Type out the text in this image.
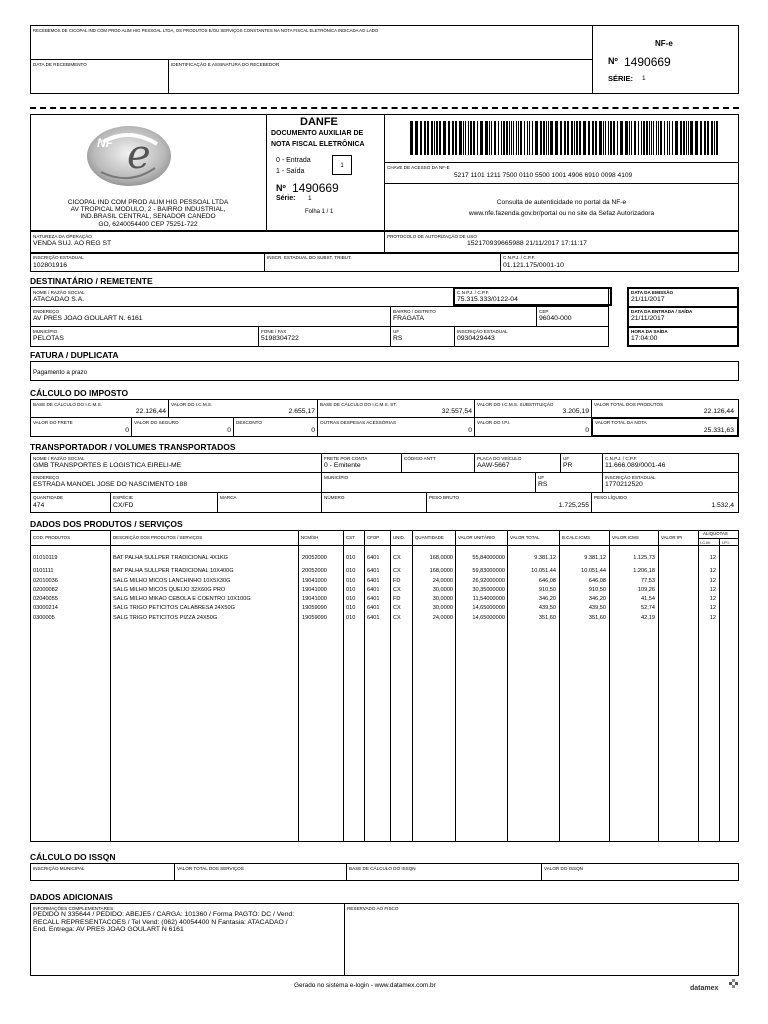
RECEBEMOS DE CICOPAL IND COM PROD ALIM HIG PESSOAL LTDA, OS PRODUTOS E/OU SERVIÇOS CONSTANTES NA NOTA FISCAL ELETRÔNICA INDICADA AO LADO
DATA DE RECEBIMENTO	IDENTIFICAÇÃO E ASSINATURA DO RECEBEDOR
NF-e
Nº 1490669
SÉRIE: 1
e
NF
CICOPAL IND COM PROD ALIM HIG PESSOAL LTDA
AV TROPICAL MODULO, 2 - BAIRRO INDUSTRIAL,
IND.BRASIL CENTRAL, SENADOR CANEDO
GO, 6240054400 CEP 75251-722
DANFE
DOCUMENTO AUXILIAR DE
NOTA FISCAL ELETRÔNICA
0 - Entrada
1 - Saída
1
Nº 1490669
Série: 1
Folha 1 / 1
CHAVE DE ACESSO DA NF-E
5217 1101 1211 7500 0110 5500 1001 4906 6910 0098 4109
Consulta de autenticidade no portal da NF-e
www.nfe.fazenda.gov.br/portal ou no site da Sefaz Autorizadora
NATUREZA DA OPERAÇÃO
VENDA SUJ. AO REG ST
PROTOCOLO DE AUTORIZAÇÃO DE USO
152170939665988 21/11/2017 17:11:17
INSCRIÇÃO ESTADUAL
102801916
INSCR. ESTADUAL DO SUBST. TRIBUT.	C.N.P.J. / C.P.F.
01.121.175/0001-10
DESTINATÁRIO / REMETENTE
NOME / RAZÃO SOCIAL
ATACADAO S.A.
C.N.P.J. / C.P.F.
75.315.333/0122-04
DATA DA EMISSÃO
21/11/2017
ENDEREÇO
AV PRES JOAO GOULART N. 6161
BAIRRO / DISTRITO
FRAGATA
CEP
96040-000
DATA DA ENTRADA / SAÍDA
21/11/2017
MUNICÍPIO
PELOTAS
FONE / FAX
5198304722
UF
RS
INSCRIÇÃO ESTADUAL
0930429443
HORA DA SAÍDA
17:04:00
FATURA / DUPLICATA
Pagamento a prazo
CÁLCULO DO IMPOSTO
BASE DE CÁLCULO DO I.C.M.S.
22.126,44
VALOR DO I.C.M.S.
2.655,17
BASE DE CÁLCULO DO I.C.M.S. ST.
32.557,54
VALOR DO I.C.M.S. SUBSTITUIÇÃO
3.205,19
VALOR TOTAL DOS PRODUTOS
22.126,44
VALOR DO FRETE
0
VALOR DO SEGURO
0
DESCONTO
0
OUTRAS DESPESAS ACESSÓRIAS
0
VALOR DO I.P.I.
0
VALOR TOTAL DA NOTA
25.331,63
TRANSPORTADOR / VOLUMES TRANSPORTADOS
NOME / RAZÃO SOCIAL
GMB TRANSPORTES E LOGISTICA EIRELI-ME
FRETE POR CONTA
0 - Emitente
CÓDIGO ANTT	PLACA DO VEÍCULO
AAW-5667
UF
PR
C.N.P.J. / C.P.F.
11.666.089/0001-46
ENDEREÇO
ESTRADA MANOEL JOSE DO NASCIMENTO 188
MUNICÍPIO	UF
RS
INSCRIÇÃO ESTADUAL
1770212520
QUANTIDADE
474
ESPÉCIE
CX/FD
MARCA	NÚMERO	PESO BRUTO
1.725,255
PESO LÍQUIDO
1.532,4
DADOS DOS PRODUTOS / SERVIÇOS
COD. PRODUTOS	DESCRIÇÃO DOS PRODUTOS / SERVIÇOS	NCM/SH	CST	CFOP	UNID. QUANTIDADE	VALOR UNITÁRIO	VALOR TOTAL	B.CALC.ICMS	VALOR ICMS	VALOR IPI
ALIQUOTAS
I.C.M.	I.P.I.
01010119	BAT PALHA SULLPER TRADICIONAL 4X1KG	20052000	010 6401 CX	168,0000	55,84000000	9.381,12	9.381,12	1.125,73	12
0101111	BAT PALHA SULLPER TRADICIONAL 10X400G	20052000	010 6401 CX	168,0000	59,83000000	10.051,44	10.051,44	1.206,18	12
02010036	SALG MILHO MICOS LANCHINHO 10X5X30G	19041000	010 6401 FD	24,0000	26,92000000	646,08	646,08	77,53	12
02000082	SALG MILHO MICOS QUEIJO 32X60G PRO	19041000	010 6401 CX	30,0000	30,35000000	910,50	910,50	109,26	12
02040055	SALG MILHO MIKAO CEBOLA E COENTRO 10X100G	19041000	010 6401 FD	30,0000	11,54000000	346,20	346,20	41,54	12
03000214	SALG TRIGO PETICITOS CALABRESA 24X50G	19059090	010 6401 CX	30,0000	14,65000000	439,50	439,50	52,74	12
0300005	SALG TRIGO PETICITOS PIZZA 24X50G	19059090	010 6401 CX	24,0000	14,65000000	351,60	351,60	42,19	12
CÁLCULO DO ISSQN
INSCRIÇÃO MUNICIPAL	VALOR TOTAL DOS SERVIÇOS	BASE DE CÁLCULO DO ISSQN	VALOR DO ISSQN
DADOS ADICIONAIS
INFORMAÇÕES COMPLEMENTARES
PEDIDO N 335644 / PEDIDO: ABEJE5 / CARGA: 101360 / Forma PAGTO: DC / Vend:
RECALL REPRESENTACOES / Tel Vend: (062) 40054400 N Fantasia: ATACADAO /
End. Entrega: AV PRES JOAO GOULART N 6161
RESERVADO AO FISCO
Gerado no sistema e-login - www.datamex.com.br	datamex
